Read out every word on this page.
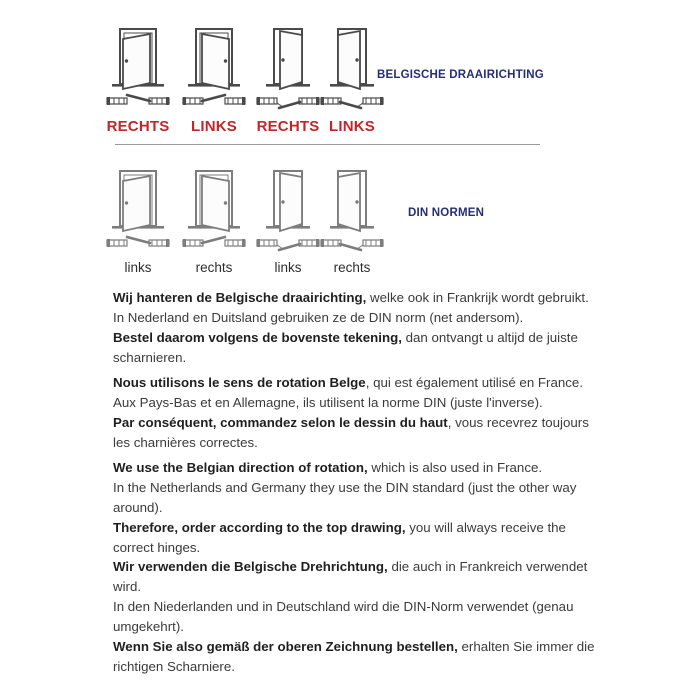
RECHTS	LINKS	RECHTS LINKS
BELGISCHE DRAAIRICHTING
links	rechts	links	rechts
DIN NORMEN
Wij hanteren de Belgische draairichting, welke ook in Frankrijk wordt gebruikt.
In Nederland en Duitsland gebruiken ze de DIN norm (net andersom).
Bestel daarom volgens de bovenste tekening, dan ontvangt u altijd de juiste scharnieren.
Nous utilisons le sens de rotation Belge, qui est également utilisé en France.
Aux Pays-Bas et en Allemagne, ils utilisent la norme DIN (juste l'inverse).
Par conséquent, commandez selon le dessin du haut, vous recevrez toujours les charnières correctes.
We use the Belgian direction of rotation, which is also used in France.
In the Netherlands and Germany they use the DIN standard (just the other way around).
Therefore, order according to the top drawing, you will always receive the correct hinges.
Wir verwenden die Belgische Drehrichtung, die auch in Frankreich verwendet wird.
In den Niederlanden und in Deutschland wird die DIN-Norm verwendet (genau umgekehrt).
Wenn Sie also gemäß der oberen Zeichnung bestellen, erhalten Sie immer die richtigen Scharniere.
